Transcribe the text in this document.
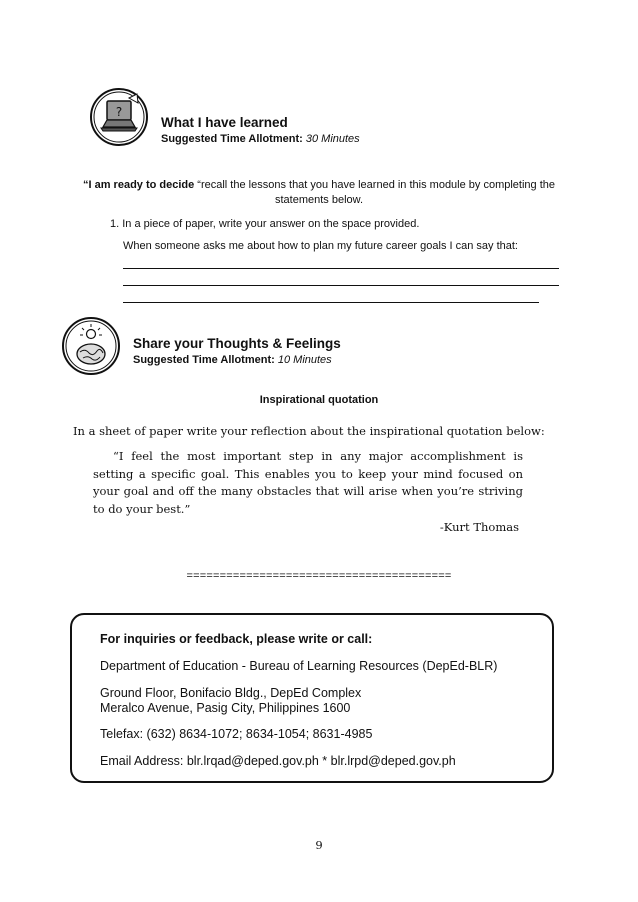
?
What I have learned
Suggested Time Allotment: 30 Minutes
“I am ready to decide “recall the lessons that you have learned in this module by completing the statements below.
1. In a piece of paper, write your answer on the space provided.
When someone asks me about how to plan my future career goals I can say that:
Share your Thoughts & Feelings
Suggested Time Allotment: 10 Minutes
Inspirational quotation
In a sheet of paper write your reflection about the inspirational quotation below:
“I feel the most important step in any major accomplishment is setting a specific goal. This enables you to keep your mind focused on your goal and off the many obstacles that will arise when you’re striving to do your best.”
-Kurt Thomas
========================================
For inquiries or feedback, please write or call:
Department of Education - Bureau of Learning Resources (DepEd-BLR)
Ground Floor, Bonifacio Bldg., DepEd Complex
Meralco Avenue, Pasig City, Philippines 1600
Telefax: (632) 8634-1072; 8634-1054; 8631-4985
Email Address: blr.lrqad@deped.gov.ph * blr.lrpd@deped.gov.ph
9
